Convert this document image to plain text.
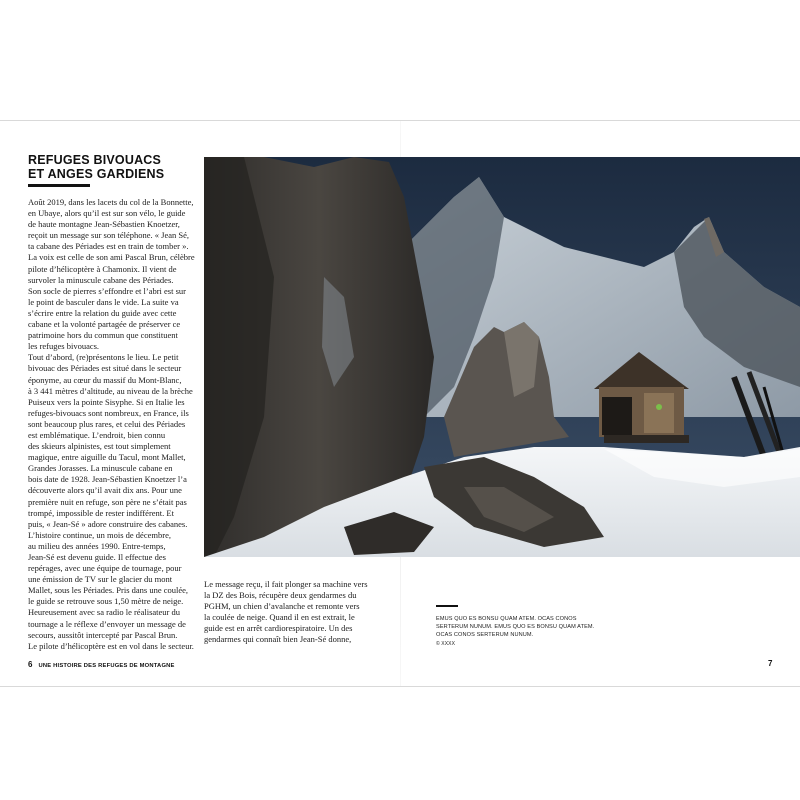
REFUGES BIVOUACS
ET ANGES GARDIENS
Août 2019, dans les lacets du col de la Bonnette,
en Ubaye, alors qu’il est sur son vélo, le guide
de haute montagne Jean-Sébastien Knoetzer,
reçoit un message sur son téléphone. « Jean Sé,
ta cabane des Périades est en train de tomber ».
La voix est celle de son ami Pascal Brun, célèbre
pilote d’hélicoptère à Chamonix. Il vient de
survoler la minuscule cabane des Périades.
Son socle de pierres s’effondre et l’abri est sur
le point de basculer dans le vide. La suite va
s’écrire entre la relation du guide avec cette
cabane et la volonté partagée de préserver ce
patrimoine hors du commun que constituent
les refuges bivouacs.
Tout d’abord, (re)présentons le lieu. Le petit
bivouac des Périades est situé dans le secteur
éponyme, au cœur du massif du Mont-Blanc,
à 3 441 mètres d’altitude, au niveau de la brèche
Puiseux vers la pointe Sisyphe. Si en Italie les
refuges-bivouacs sont nombreux, en France, ils
sont beaucoup plus rares, et celui des Périades
est emblématique. L’endroit, bien connu
des skieurs alpinistes, est tout simplement
magique, entre aiguille du Tacul, mont Mallet,
Grandes Jorasses. La minuscule cabane en
bois date de 1928. Jean-Sébastien Knoetzer l’a
découverte alors qu’il avait dix ans. Pour une
première nuit en refuge, son père ne s’était pas
trompé, impossible de rester indifférent. Et
puis, « Jean-Sé » adore construire des cabanes.
L’histoire continue, un mois de décembre,
au milieu des années 1990. Entre-temps,
Jean-Sé est devenu guide. Il effectue des
repérages, avec une équipe de tournage, pour
une émission de TV sur le glacier du mont
Mallet, sous les Périades. Pris dans une coulée,
le guide se retrouve sous 1,50 mètre de neige.
Heureusement avec sa radio le réalisateur du
tournage a le réflexe d’envoyer un message de
secours, aussitôt intercepté par Pascal Brun.
Le pilote d’hélicoptère est en vol dans le secteur.
Le message reçu, il fait plonger sa machine vers
la DZ des Bois, récupère deux gendarmes du
PGHM, un chien d’avalanche et remonte vers
la coulée de neige. Quand il en est extrait, le
guide est en arrêt cardiorespiratoire. Un des
gendarmes qui connaît bien Jean-Sé donne,
EMUS QUO ES BONSU QUAM ATEM. OCAS CONOS
SERTERUM NUNUM. EMUS QUO ES BONSU QUAM ATEM.
OCAS CONOS SERTERUM NUNUM.
© XXXX
6 UNE HISTOIRE DES REFUGES DE MONTAGNE	7
